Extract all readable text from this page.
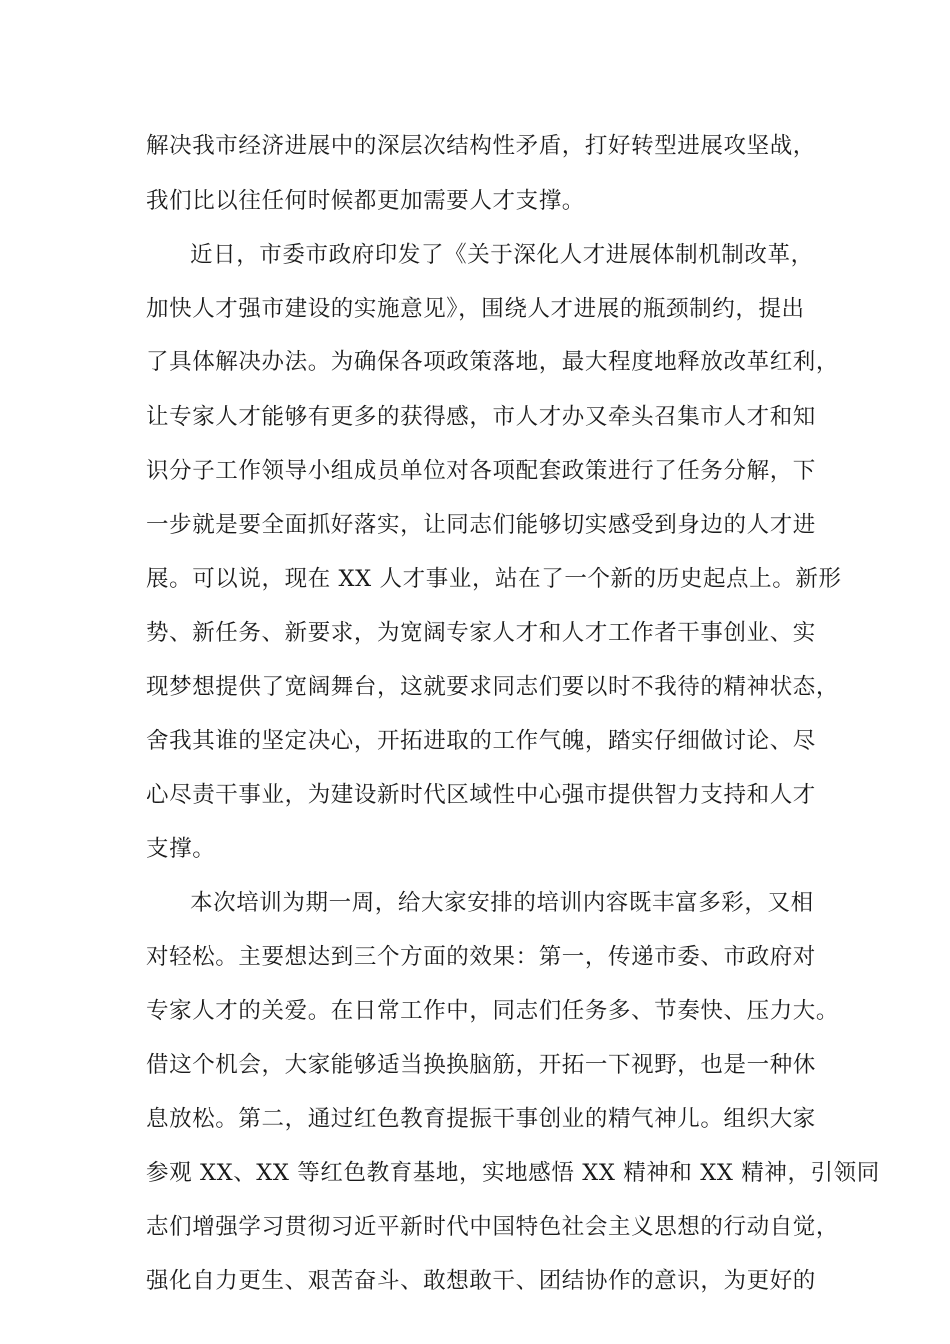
解决我市经济进展中的深层次结构性矛盾，打好转型进展攻坚战，
我们比以往任何时候都更加需要人才支撑。
近日，市委市政府印发了《关于深化人才进展体制机制改革，
加快人才强市建设的实施意见》，围绕人才进展的瓶颈制约，提出
了具体解决办法。为确保各项政策落地，最大程度地释放改革红利，
让专家人才能够有更多的获得感，市人才办又牵头召集市人才和知
识分子工作领导小组成员单位对各项配套政策进行了任务分解，下
一步就是要全面抓好落实，让同志们能够切实感受到身边的人才进
展。可以说，现在 XX 人才事业，站在了一个新的历史起点上。新形
势、新任务、新要求，为宽阔专家人才和人才工作者干事创业、实
现梦想提供了宽阔舞台，这就要求同志们要以时不我待的精神状态，
舍我其谁的坚定决心，开拓进取的工作气魄，踏实仔细做讨论、尽
心尽责干事业，为建设新时代区域性中心强市提供智力支持和人才
支撑。
本次培训为期一周，给大家安排的培训内容既丰富多彩，又相
对轻松。主要想达到三个方面的效果：第一，传递市委、市政府对
专家人才的关爱。在日常工作中，同志们任务多、节奏快、压力大。
借这个机会，大家能够适当换换脑筋，开拓一下视野，也是一种休
息放松。第二，通过红色教育提振干事创业的精气神儿。组织大家
参观 XX、XX 等红色教育基地，实地感悟 XX 精神和 XX 精神，引领同
志们增强学习贯彻习近平新时代中国特色社会主义思想的行动自觉，
强化自力更生、艰苦奋斗、敢想敢干、团结协作的意识，为更好的
